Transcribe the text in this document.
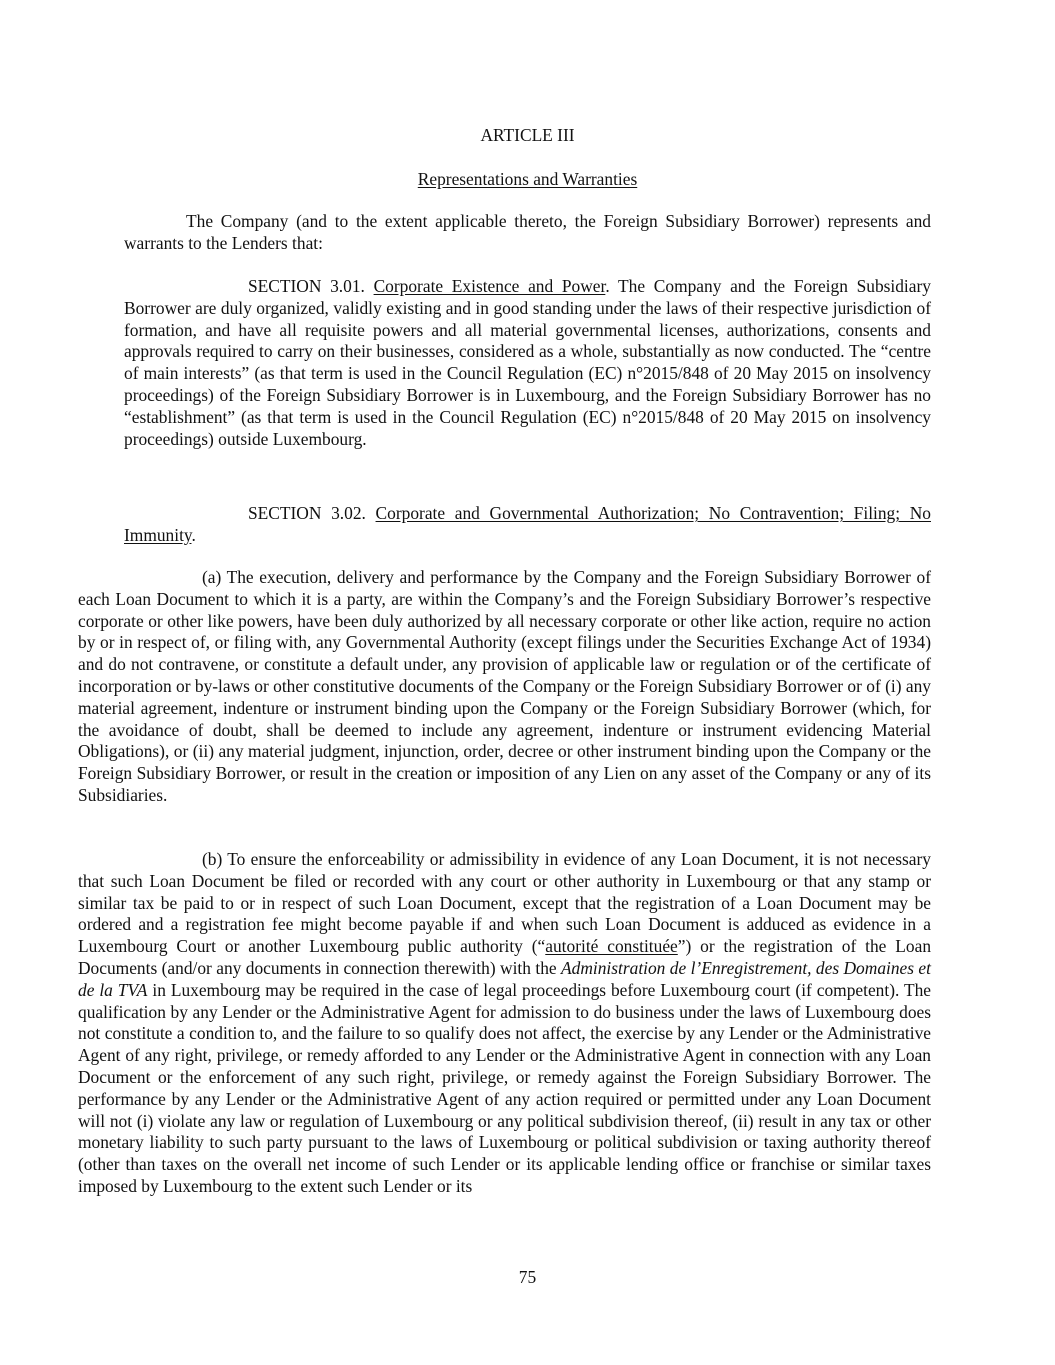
ARTICLE III
Representations and Warranties

The Company (and to the extent applicable thereto, the Foreign Subsidiary Borrower) represents and warrants to the Lenders that:

SECTION 3.01. Corporate Existence and Power. The Company and the Foreign Subsidiary Borrower are duly organized, validly existing and in good standing under the laws of their respective jurisdiction of formation, and have all requisite powers and all material governmental licenses, authorizations, consents and approvals required to carry on their businesses, considered as a whole, substantially as now conducted. The “centre of main interests” (as that term is used in the Council Regulation (EC) n°2015/848 of 20 May 2015 on insolvency proceedings) of the Foreign Subsidiary Borrower is in Luxembourg, and the Foreign Subsidiary Borrower has no “establishment” (as that term is used in the Council Regulation (EC) n°2015/848 of 20 May 2015 on insolvency proceedings) outside Luxembourg.

SECTION 3.02. Corporate and Governmental Authorization; No Contravention; Filing; No Immunity.

(a) The execution, delivery and performance by the Company and the Foreign Subsidiary Borrower of each Loan Document to which it is a party, are within the Company’s and the Foreign Subsidiary Borrower’s respective corporate or other like powers, have been duly authorized by all necessary corporate or other like action, require no action by or in respect of, or filing with, any Governmental Authority (except filings under the Securities Exchange Act of 1934) and do not contravene, or constitute a default under, any provision of applicable law or regulation or of the certificate of incorporation or by-laws or other constitutive documents of the Company or the Foreign Subsidiary Borrower or of (i) any material agreement, indenture or instrument binding upon the Company or the Foreign Subsidiary Borrower (which, for the avoidance of doubt, shall be deemed to include any agreement, indenture or instrument evidencing Material Obligations), or (ii) any material judgment, injunction, order, decree or other instrument binding upon the Company or the Foreign Subsidiary Borrower, or result in the creation or imposition of any Lien on any asset of the Company or any of its Subsidiaries.

(b) To ensure the enforceability or admissibility in evidence of any Loan Document, it is not necessary that such Loan Document be filed or recorded with any court or other authority in Luxembourg or that any stamp or similar tax be paid to or in respect of such Loan Document, except that the registration of a Loan Document may be ordered and a registration fee might become payable if and when such Loan Document is adduced as evidence in a Luxembourg Court or another Luxembourg public authority (“autorité constituée”) or the registration of the Loan Documents (and/or any documents in connection therewith) with the Administration de l’Enregistrement, des Domaines et de la TVA in Luxembourg may be required in the case of legal proceedings before Luxembourg court (if competent). The qualification by any Lender or the Administrative Agent for admission to do business under the laws of Luxembourg does not constitute a condition to, and the failure to so qualify does not affect, the exercise by any Lender or the Administrative Agent of any right, privilege, or remedy afforded to any Lender or the Administrative Agent in connection with any Loan Document or the enforcement of any such right, privilege, or remedy against the Foreign Subsidiary Borrower. The performance by any Lender or the Administrative Agent of any action required or permitted under any Loan Document will not (i) violate any law or regulation of Luxembourg or any political subdivision thereof, (ii) result in any tax or other monetary liability to such party pursuant to the laws of Luxembourg or political subdivision or taxing authority thereof (other than taxes on the overall net income of such Lender or its applicable lending office or franchise or similar taxes imposed by Luxembourg to the extent such Lender or its

75
